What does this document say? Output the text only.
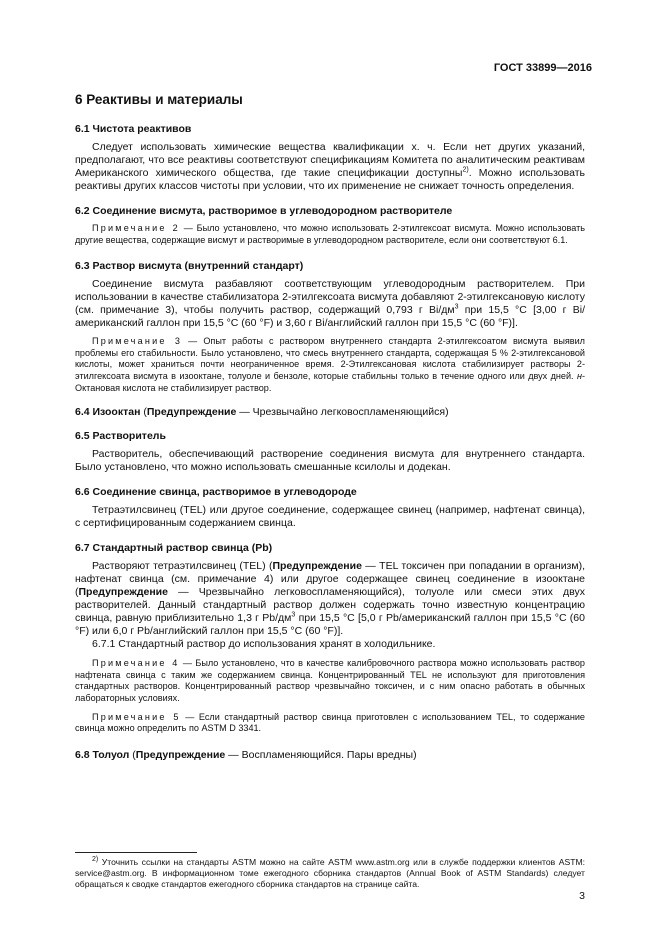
ГОСТ 33899—2016
6 Реактивы и материалы
6.1 Чистота реактивов

Следует использовать химические вещества квалификации х. ч. Если нет других указаний, предполагают, что все реактивы соответствуют спецификациям Комитета по аналитическим реактивам Американского химического общества, где такие спецификации доступны$^{2)}$. Можно использовать реактивы других классов чистоты при условии, что их применение не снижает точность определения.

6.2 Соединение висмута, растворимое в углеводородном растворителе

Примечание 2 — Было установлено, что можно использовать 2-этилгексоат висмута. Можно использовать другие вещества, содержащие висмут и растворимые в углеводородном растворителе, если они соответствуют 6.1.

6.3 Раствор висмута (внутренний стандарт)

Соединение висмута разбавляют соответствующим углеводородным растворителем. При использовании в качестве стабилизатора 2-этилгексоата висмута добавляют 2-этилгексановую кислоту (см. примечание 3), чтобы получить раствор, содержащий 0,793 г $Bi/дм^3$ при 15,5 °С [3,00 г Bi/американский галлон при 15,5 °С (60 °F) и 3,60 г Bi/английский галлон при 15,5 °С (60 °F)].

Примечание 3 — Опыт работы с раствором внутреннего стандарта 2-этилгексоатом висмута выявил проблемы его стабильности. Было установлено, что смесь внутреннего стандарта, содержащая 5 % 2-этилгексановой кислоты, может храниться почти неограниченное время. 2-Этилгексановая кислота стабилизирует растворы 2-этилгексоата висмута в изооктане, толуоле и бензоле, которые стабильны только в течение одного или двух дней. н-Октановая кислота не стабилизирует раствор.

6.4 Изооктан (Предупреждение — Чрезвычайно легковоспламеняющийся)
6.5 Растворитель

Растворитель, обеспечивающий растворение соединения висмута для внутреннего стандарта. Было установлено, что можно использовать смешанные ксилолы и додекан.

6.6 Соединение свинца, растворимое в углеводороде

Тетраэтилсвинец (TEL) или другое соединение, содержащее свинец (например, нафтенат свинца), с сертифицированным содержанием свинца.

6.7 Стандартный раствор свинца (Pb)

Растворяют тетраэтилсвинец (TEL) (Предупреждение — TEL токсичен при попадании в организм), нафтенат свинца (см. примечание 4) или другое содержащее свинец соединение в изооктане (Предупреждение — Чрезвычайно легковоспламеняющийся), толуоле или смеси этих двух растворителей. Данный стандартный раствор должен содержать точно известную концентрацию свинца, равную приблизительно 1,3 г $Pb/дм^3$ при 15,5 °С [5,0 г Pb/американский галлон при 15,5 °С (60 °F) или 6,0 г Pb/английский галлон при 15,5 °С (60 °F)].

6.7.1 Стандартный раствор до использования хранят в холодильнике.

Примечание 4 — Было установлено, что в качестве калибровочного раствора можно использовать раствор нафтената свинца с таким же содержанием свинца. Концентрированный TEL не используют для приготовления стандартных растворов. Концентрированный раствор чрезвычайно токсичен, и с ним опасно работать в обычных лабораторных условиях.

Примечание 5 — Если стандартный раствор свинца приготовлен с использованием TEL, то содержание свинца можно определить по ASTM D 3341.

6.8 Толуол (Предупреждение — Воспламеняющийся. Пары вредны)
$^{2)}$ Уточнить ссылки на стандарты ASTM можно на сайте ASTM www.astm.org или в службе поддержки клиентов ASTM: service@astm.org. В информационном томе ежегодного сборника стандартов (Annual Book of ASTM Standards) следует обращаться к сводке стандартов ежегодного сборника стандартов на странице сайта.
3
